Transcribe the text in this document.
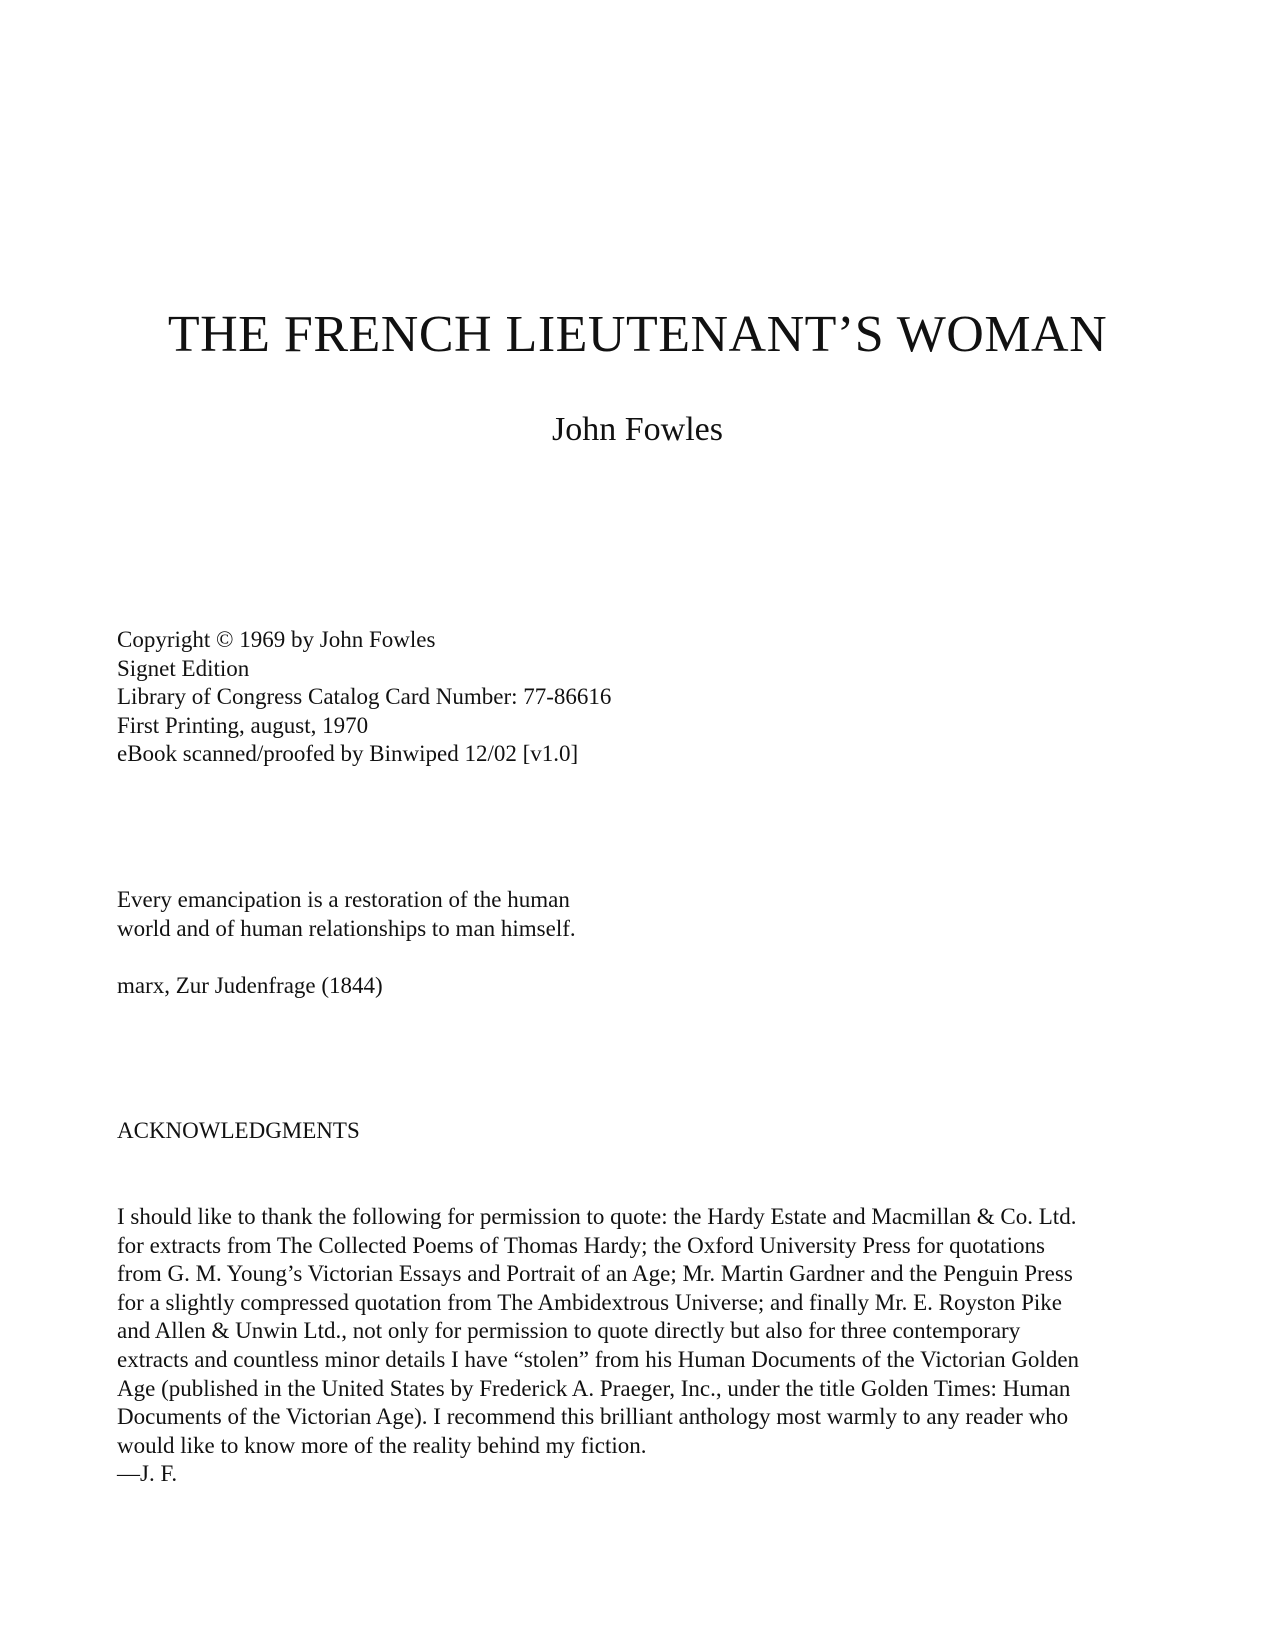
THE FRENCH LIEUTENANT’S WOMAN
John Fowles
Copyright © 1969 by John Fowles
Signet Edition
Library of Congress Catalog Card Number: 77-86616
First Printing, august, 1970
eBook scanned/proofed by Binwiped 12/02 [v1.0]
Every emancipation is a restoration of the human
world and of human relationships to man himself.
marx, Zur Judenfrage (1844)
ACKNOWLEDGMENTS
I should like to thank the following for permission to quote: the Hardy Estate and Macmillan & Co. Ltd.
for extracts from The Collected Poems of Thomas Hardy; the Oxford University Press for quotations
from G. M. Young’s Victorian Essays and Portrait of an Age; Mr. Martin Gardner and the Penguin Press
for a slightly compressed quotation from The Ambidextrous Universe; and finally Mr. E. Royston Pike
and Allen & Unwin Ltd., not only for permission to quote directly but also for three contemporary
extracts and countless minor details I have “stolen” from his Human Documents of the Victorian Golden
Age (published in the United States by Frederick A. Praeger, Inc., under the title Golden Times: Human
Documents of the Victorian Age). I recommend this brilliant anthology most warmly to any reader who
would like to know more of the reality behind my fiction.
—J. F.
